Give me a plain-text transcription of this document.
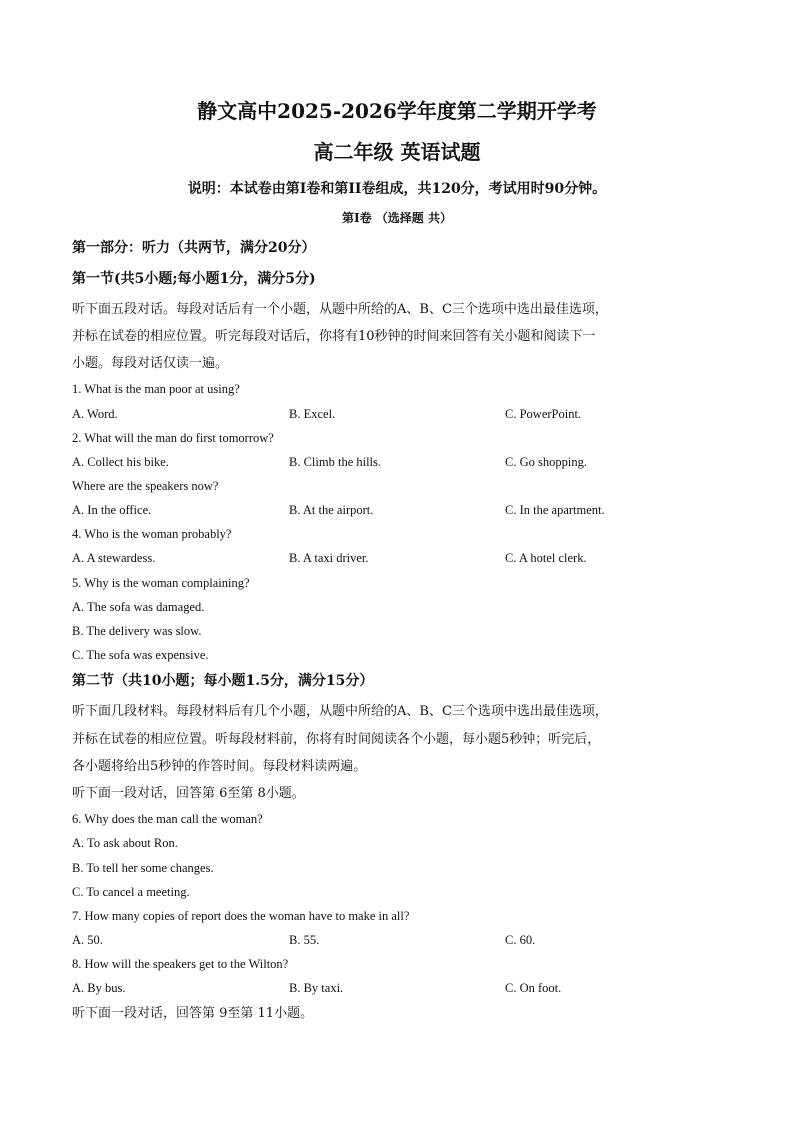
静文高中2025-2026学年度第二学期开学考
高二年级 英语试题
说明：本试卷由第I卷和第II卷组成，共120分，考试用时90分钟。
第I卷 （选择题 共）
第一部分：听力（共两节，满分20分）
第一节(共5小题;每小题1分，满分5分)
听下面五段对话。每段对话后有一个小题，从题中所给的A、B、C三个选项中选出最佳选项，
并标在试卷的相应位置。听完每段对话后，你将有10秒钟的时间来回答有关小题和阅读下一
小题。每段对话仅读一遍。
1. What is the man poor at using?
A. Word.	B. Excel.	C. PowerPoint.
2. What will the man do first tomorrow?
A. Collect his bike.	B. Climb the hills.	C. Go shopping.
Where are the speakers now?
A. In the office.	B. At the airport.	C. In the apartment.
4. Who is the woman probably?
A. A stewardess.	B. A taxi driver.	C. A hotel clerk.
5. Why is the woman complaining?
A. The sofa was damaged.
B. The delivery was slow.
C. The sofa was expensive.
第二节（共10小题；每小题1.5分，满分15分）
听下面几段材料。每段材料后有几个小题，从题中所给的A、B、C三个选项中选出最佳选项，
并标在试卷的相应位置。听每段材料前，你将有时间阅读各个小题，每小题5秒钟；听完后，
各小题将给出5秒钟的作答时间。每段材料读两遍。
听下面一段对话，回答第 6至第 8小题。
6. Why does the man call the woman?
A. To ask about Ron.
B. To tell her some changes.
C. To cancel a meeting.
7. How many copies of report does the woman have to make in all?
A. 50.	B. 55.	C. 60.
8. How will the speakers get to the Wilton?
A. By bus.	B. By taxi.	C. On foot.
听下面一段对话，回答第 9至第 11小题。
